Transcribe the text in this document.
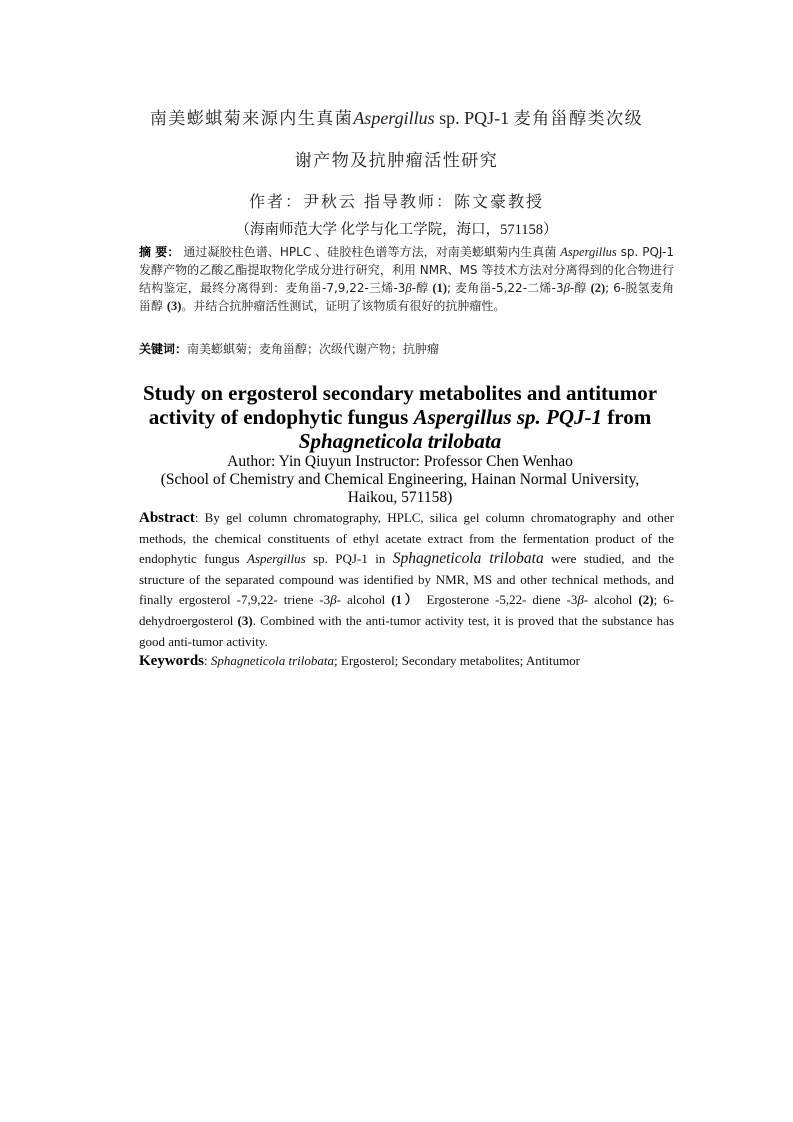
南美蟛蜞菊来源内生真菌Aspergillus sp. PQJ-1 麦角甾醇类次级
谢产物及抗肿瘤活性研究
作者：尹秋云 指导教师：陈文豪教授
（海南师范大学 化学与化工学院，海口，571158）
摘 要： 通过凝胶柱色谱、HPLC 、硅胶柱色谱等方法，对南美蟛蜞菊内生真菌 Aspergillus sp. PQJ-1 发酵产物的乙酸乙酯提取物化学成分进行研究，利用 NMR、MS 等技术方法对分离得到的化合物进行结构鉴定，最终分离得到：麦角甾-7,9,22-三烯-3β-醇 (1); 麦角甾-5,22-二烯-3β-醇 (2); 6-脱氢麦角甾醇 (3)。并结合抗肿瘤活性测试，证明了该物质有很好的抗肿瘤性。
关键词：南美蟛蜞菊；麦角甾醇；次级代谢产物；抗肿瘤
Study on ergosterol secondary metabolites and antitumor
activity of endophytic fungus Aspergillus sp. PQJ-1 from
Sphagneticola trilobata
Author: Yin Qiuyun Instructor: Professor Chen Wenhao
(School of Chemistry and Chemical Engineering, Hainan Normal University,
Haikou, 571158)
Abstract: By gel column chromatography, HPLC, silica gel column chromatography and other methods, the chemical constituents of ethyl acetate extract from the fermentation product of the endophytic fungus Aspergillus sp. PQJ-1 in Sphagneticola trilobata were studied, and the structure of the separated compound was identified by NMR, MS and other technical methods, and finally ergosterol -7,9,22- triene -3β- alcohol (1） Ergosterone -5,22- diene -3β- alcohol (2); 6- dehydroergosterol (3). Combined with the anti-tumor activity test, it is proved that the substance has good anti-tumor activity.
Keywords: Sphagneticola trilobata; Ergosterol; Secondary metabolites; Antitumor
